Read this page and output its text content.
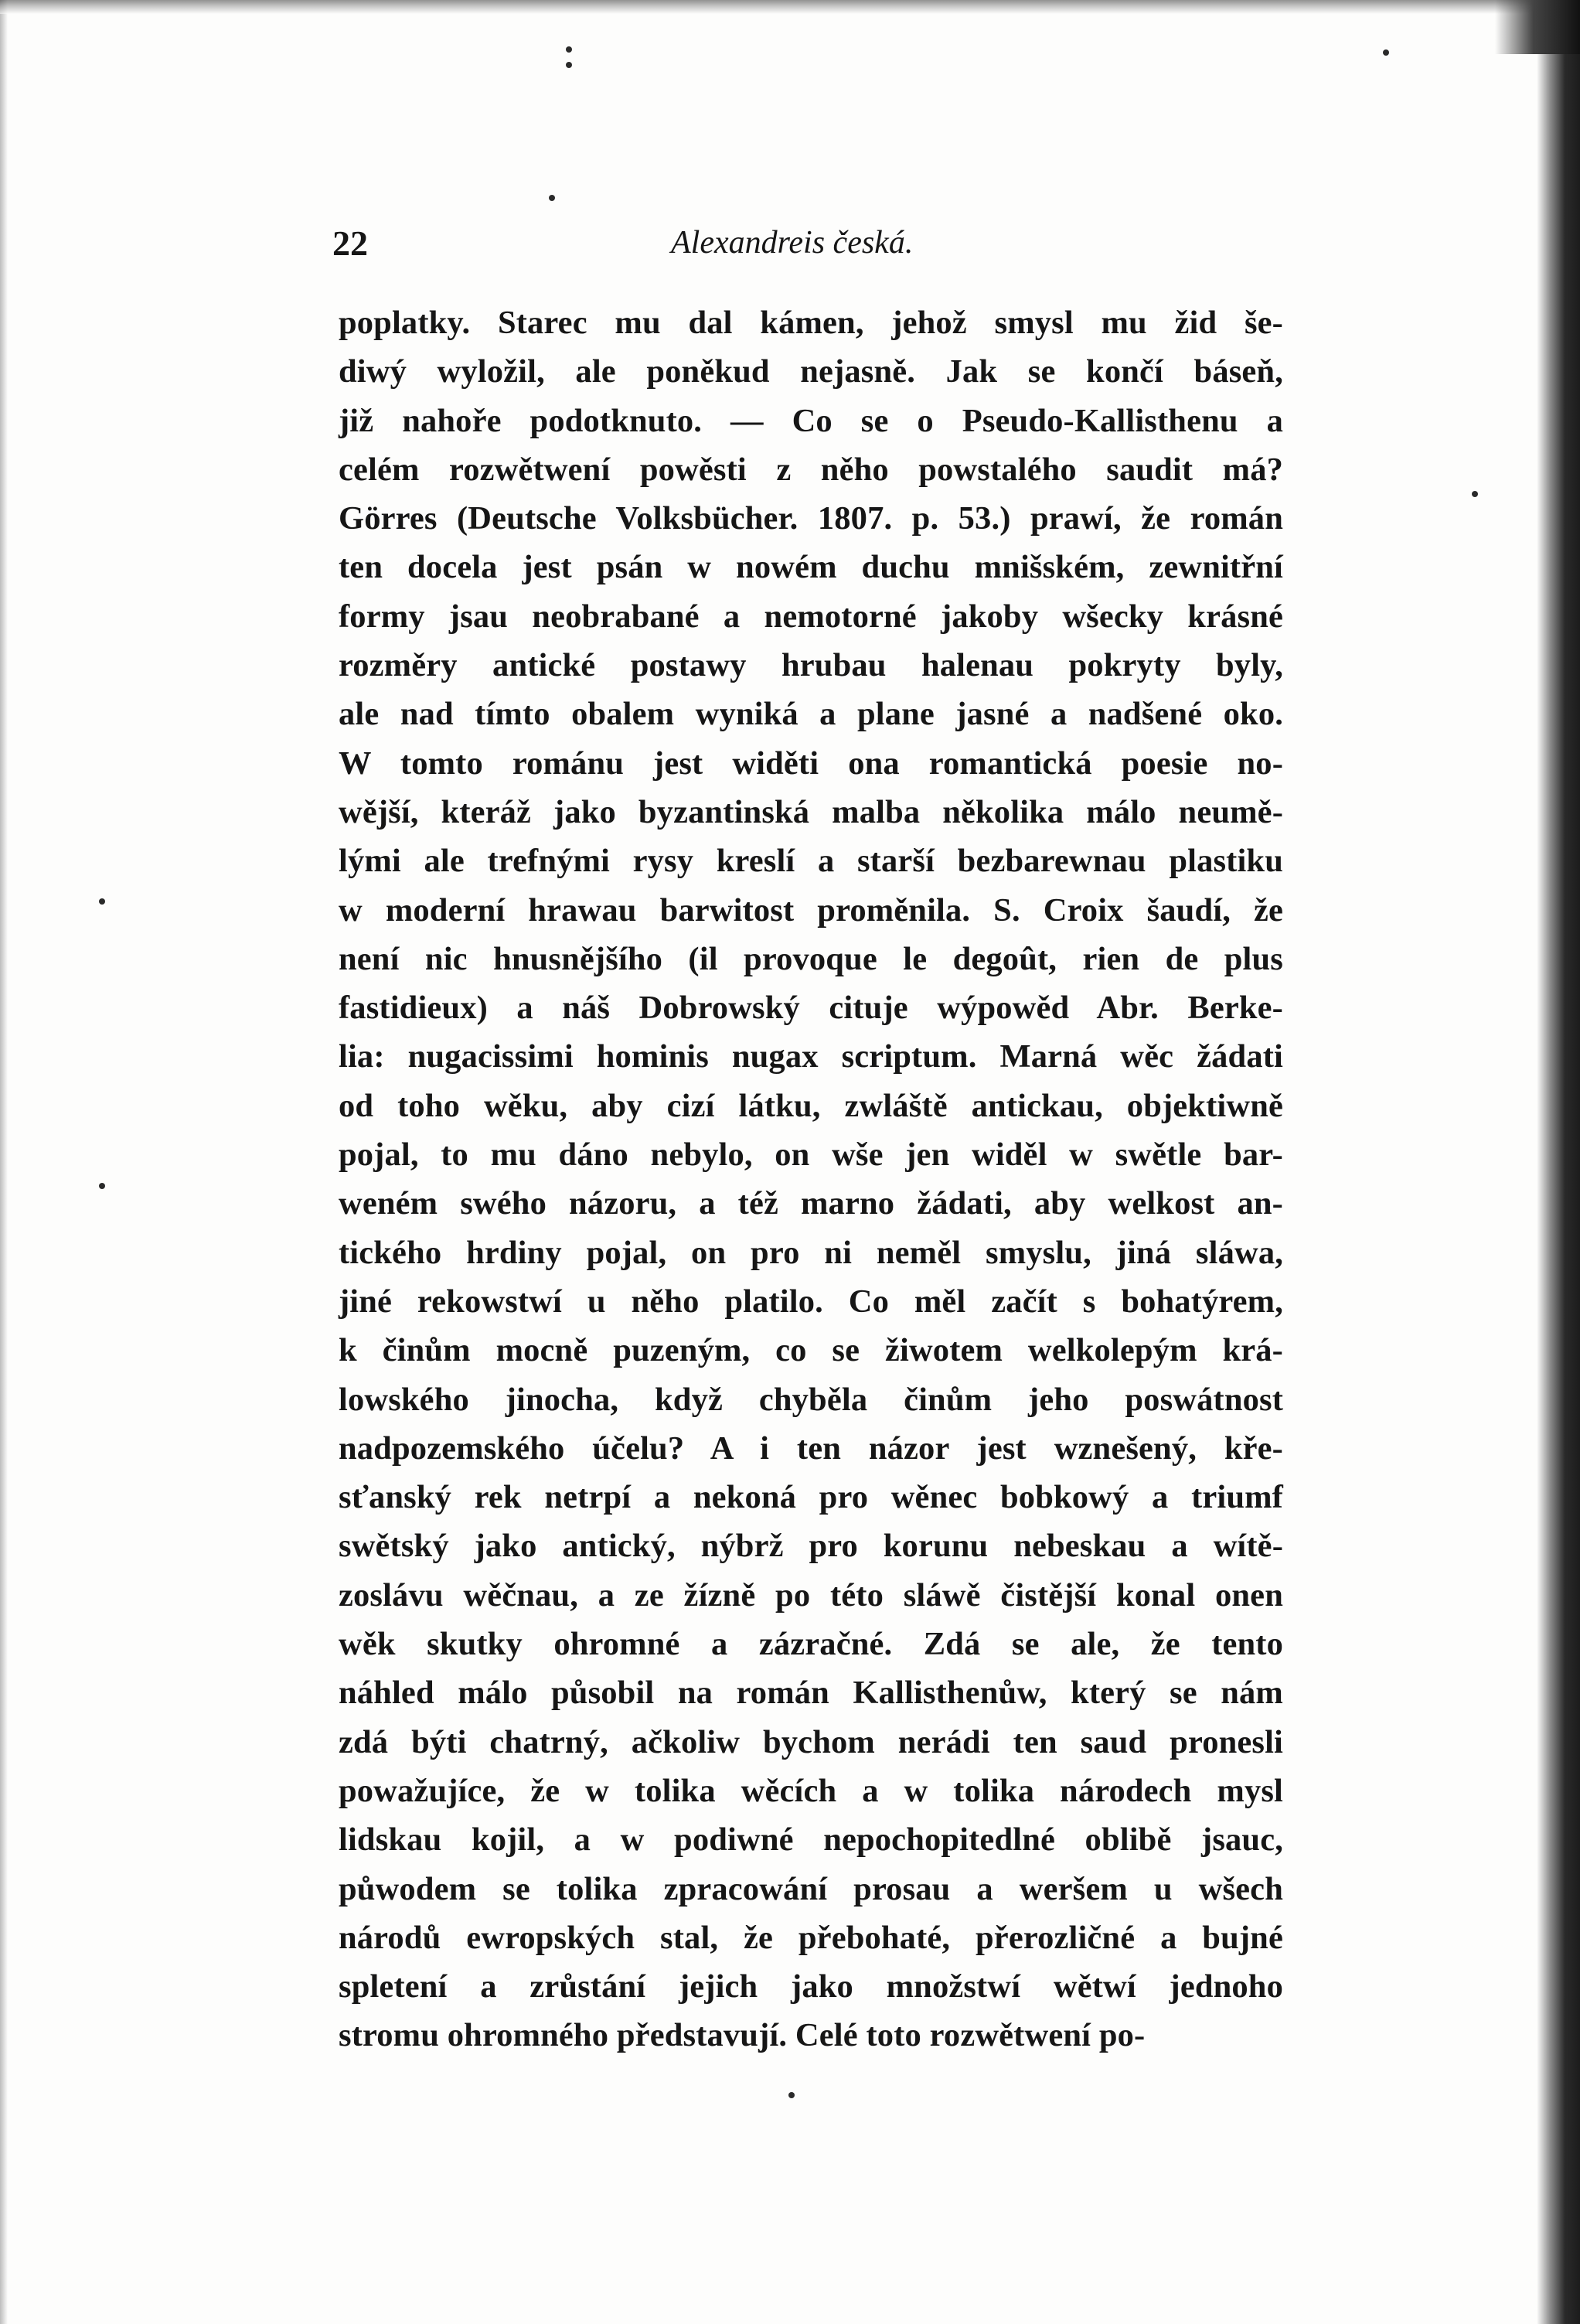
22	Alexandreis česká.
poplatky. Starec mu dal kámen, jehož smysl mu žid še-
diwý wyložil, ale poněkud nejasně. Jak se končí báseň,
již nahoře podotknuto. — Co se o Pseudo-Kallisthenu a
celém rozwětwení powěsti z něho powstalého saudit má?
Görres (Deutsche Volksbücher. 1807. p. 53.) prawí, že román
ten docela jest psán w nowém duchu mnišském, zewnitřní
formy jsau neobrabané a nemotorné jakoby wšecky krásné
rozměry antické postawy hrubau halenau pokryty byly,
ale nad tímto obalem wyniká a plane jasné a nadšené oko.
W tomto románu jest widěti ona romantická poesie no-
wější, kteráž jako byzantinská malba několika málo neumě-
lými ale trefnými rysy kreslí a starší bezbarewnau plastiku
w moderní hrawau barwitost proměnila. S. Croix šaudí, že
není nic hnusnějšího (il provoque le degoût, rien de plus
fastidieux) a náš Dobrowský cituje wýpowěd Abr. Berke-
lia: nugacissimi hominis nugax scriptum. Marná wěc žádati
od toho wěku, aby cizí látku, zwláště antickau, objektiwně
pojal, to mu dáno nebylo, on wše jen widěl w swětle bar-
weném swého názoru, a též marno žádati, aby welkost an-
tického hrdiny pojal, on pro ni neměl smyslu, jiná sláwa,
jiné rekowstwí u něho platilo. Co měl začít s bohatýrem,
k činům mocně puzeným, co se žiwotem welkolepým krá-
lowského jinocha, když chyběla činům jeho poswátnost
nadpozemského účelu? A i ten názor jest wznešený, kře-
sťanský rek netrpí a nekoná pro wěnec bobkowý a triumf
swětský jako antický, nýbrž pro korunu nebeskau a wítě-
zoslávu wěčnau, a ze žízně po této sláwě čistější konal onen
wěk skutky ohromné a zázračné. Zdá se ale, že tento
náhled málo působil na román Kallisthenůw, který se nám
zdá býti chatrný, ačkoliw bychom nerádi ten saud pronesli
powažujíce, že w tolika wěcích a w tolika národech mysl
lidskau kojil, a w podiwné nepochopitedlné oblibě jsauc,
půwodem se tolika zpracowání prosau a weršem u wšech
národů ewropských stal, že přebohaté, přerozličné a bujné
spletení a zrůstání jejich jako množstwí wětwí jednoho
stromu ohromného představují. Celé toto rozwětwení po-
